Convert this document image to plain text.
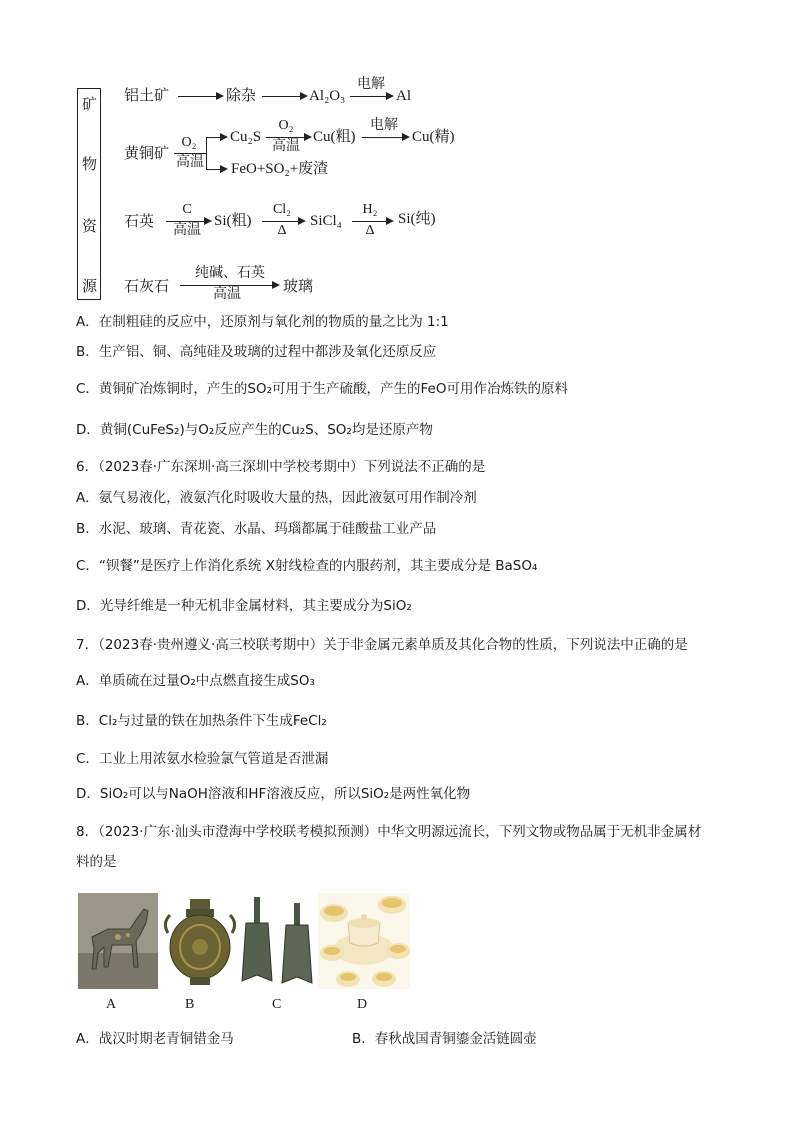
矿
物
资
源
铝土矿	除杂	Al₂O₃
电解
Al
黄铜矿
O₂
高温
Cu₂S
O₂
高温
Cu(粗)
电解
Cu(精)
FeO+SO₂+废渣
石英
C
高温
Si(粗)
Cl₂
Δ
SiCl₄
H₂
Δ
Si(纯)
石灰石
纯碱、石英
高温	玻璃
A．在制粗硅的反应中，还原剂与氧化剂的物质的量之比为 1:1
B．生产铝、铜、高纯硅及玻璃的过程中都涉及氧化还原反应
C．黄铜矿冶炼铜时，产生的SO₂可用于生产硫酸，产生的FeO可用作冶炼铁的原料
D．黄铜(CuFeS₂)与O₂反应产生的Cu₂S、SO₂均是还原产物
6．（2023春·广东深圳·高三深圳中学校考期中）下列说法不正确的是
A．氨气易液化，液氨汽化时吸收大量的热，因此液氨可用作制冷剂
B．水泥、玻璃、青花瓷、水晶、玛瑙都属于硅酸盐工业产品
C．“钡餐”是医疗上作消化系统 X射线检查的内服药剂，其主要成分是 BaSO₄
D．光导纤维是一种无机非金属材料，其主要成分为SiO₂
7．（2023春·贵州遵义·高三校联考期中）关于非金属元素单质及其化合物的性质，下列说法中正确的是
A．单质硫在过量O₂中点燃直接生成SO₃
B．Cl₂与过量的铁在加热条件下生成FeCl₂
C．工业上用浓氨水检验氯气管道是否泄漏
D．SiO₂可以与NaOH溶液和HF溶液反应，所以SiO₂是两性氧化物
8．（2023·广东·汕头市澄海中学校联考模拟预测）中华文明源远流长，下列文物或物品属于无机非金属材
料的是
A	B	C	D
A．战汉时期老青铜错金马	B．春秋战国青铜鎏金活链圆壶
